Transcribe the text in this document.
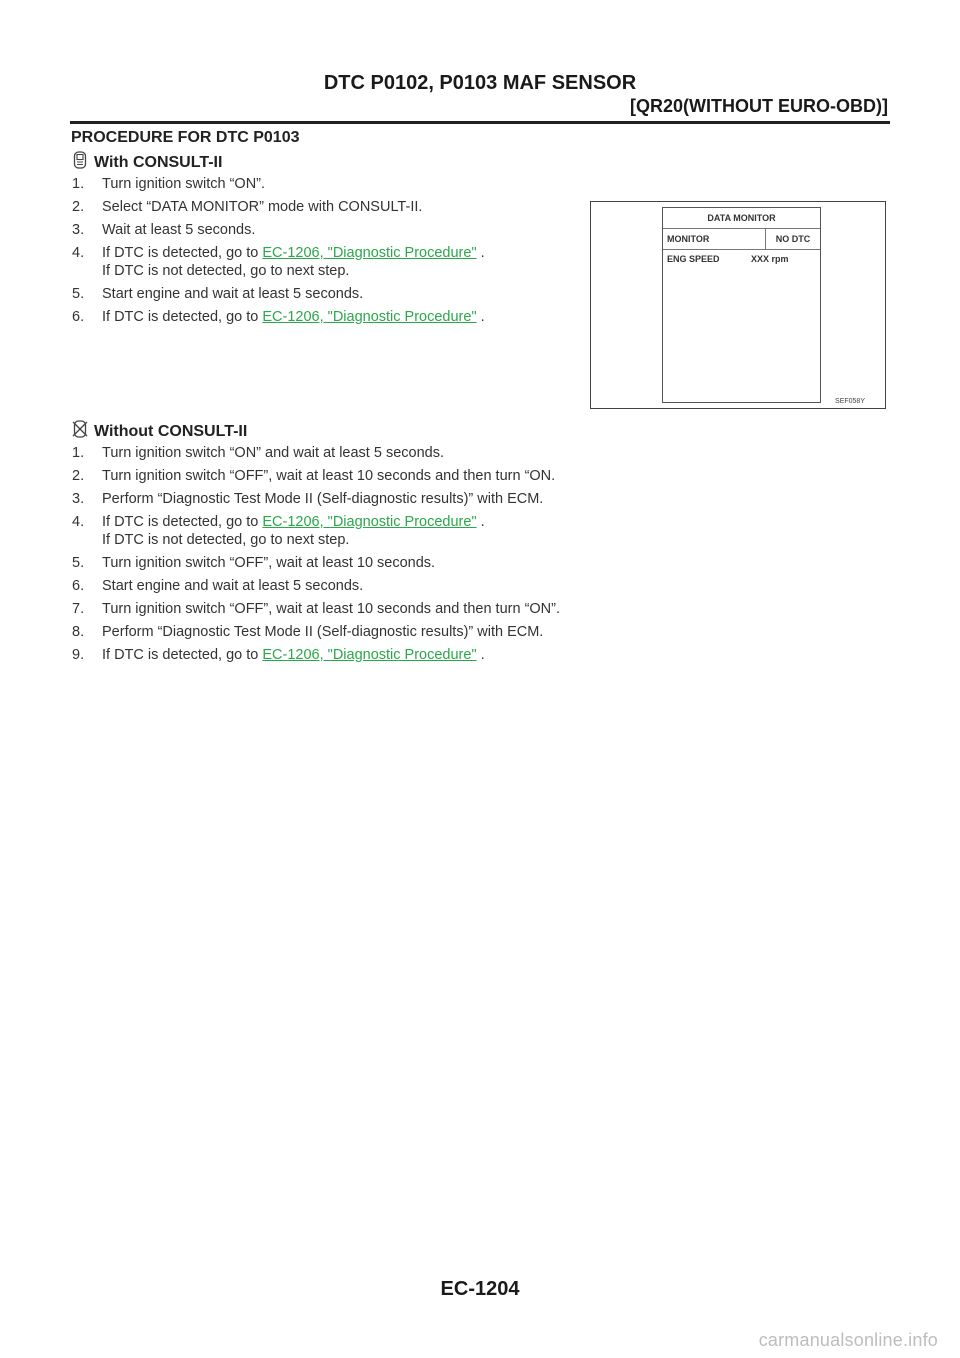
DTC P0102, P0103 MAF SENSOR
[QR20(WITHOUT EURO-OBD)]
PROCEDURE FOR DTC P0103
With CONSULT-II
1.	Turn ignition switch “ON”.
2.	Select “DATA MONITOR” mode with CONSULT-II.
3.	Wait at least 5 seconds.
4.	If DTC is detected, go to EC-1206, "Diagnostic Procedure" .
If DTC is not detected, go to next step.
5.	Start engine and wait at least 5 seconds.
6.	If DTC is detected, go to EC-1206, "Diagnostic Procedure" .
DATA MONITOR
MONITOR	NO DTC
ENG SPEED	XXX rpm
SEF058Y
Without CONSULT-II
1.	Turn ignition switch “ON” and wait at least 5 seconds.
2.	Turn ignition switch “OFF”, wait at least 10 seconds and then turn “ON.
3.	Perform “Diagnostic Test Mode II (Self-diagnostic results)” with ECM.
4.	If DTC is detected, go to EC-1206, "Diagnostic Procedure" .
If DTC is not detected, go to next step.
5.	Turn ignition switch “OFF”, wait at least 10 seconds.
6.	Start engine and wait at least 5 seconds.
7.	Turn ignition switch “OFF”, wait at least 10 seconds and then turn “ON”.
8.	Perform “Diagnostic Test Mode II (Self-diagnostic results)” with ECM.
9.	If DTC is detected, go to EC-1206, "Diagnostic Procedure" .
EC-1204
carmanualsonline.info
